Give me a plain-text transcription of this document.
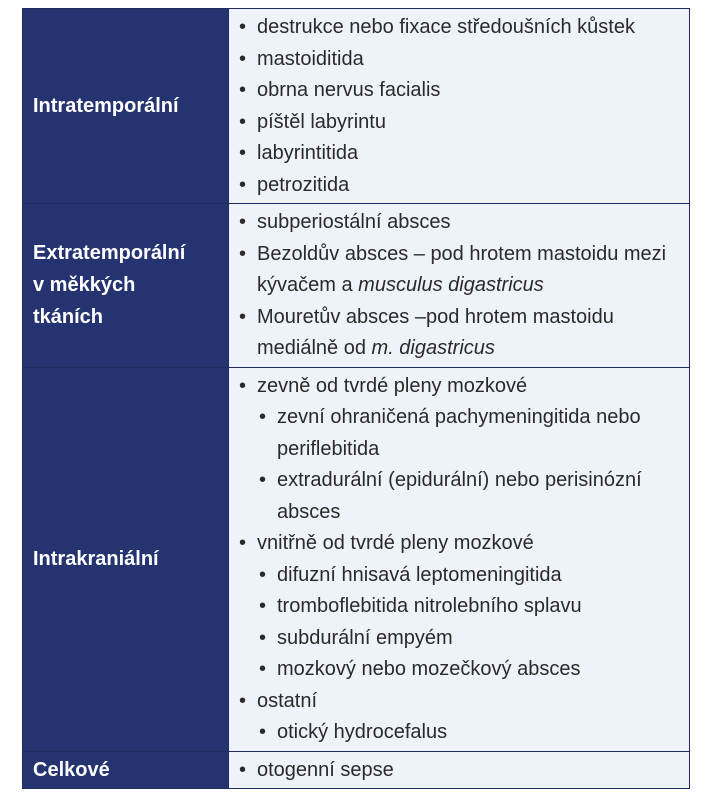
Intratemporální
• destrukce nebo fixace středoušních kůstek
• mastoiditida
• obrna nervus facialis
• píštěl labyrintu
• labyrintitida
• petrozitida
Extratemporální
v měkkých
tkáních
• subperiostální absces
• Bezoldův absces – pod hrotem mastoidu mezi kývačem a musculus digastricus
• Mouretův absces –pod hrotem mastoidu mediálně od m. digastricus
Intrakraniální
• zevně od tvrdé pleny mozkové
• zevní ohraničená pachymeningitida nebo periflebitida
• extradurální (epidurální) nebo perisinózní absces
• vnitřně od tvrdé pleny mozkové
• difuzní hnisavá leptomeningitida
• tromboflebitida nitrolebního splavu
• subdurální empyém
• mozkový nebo mozečkový absces
• ostatní
• otický hydrocefalus
Celkové
•	otogenní sepse
